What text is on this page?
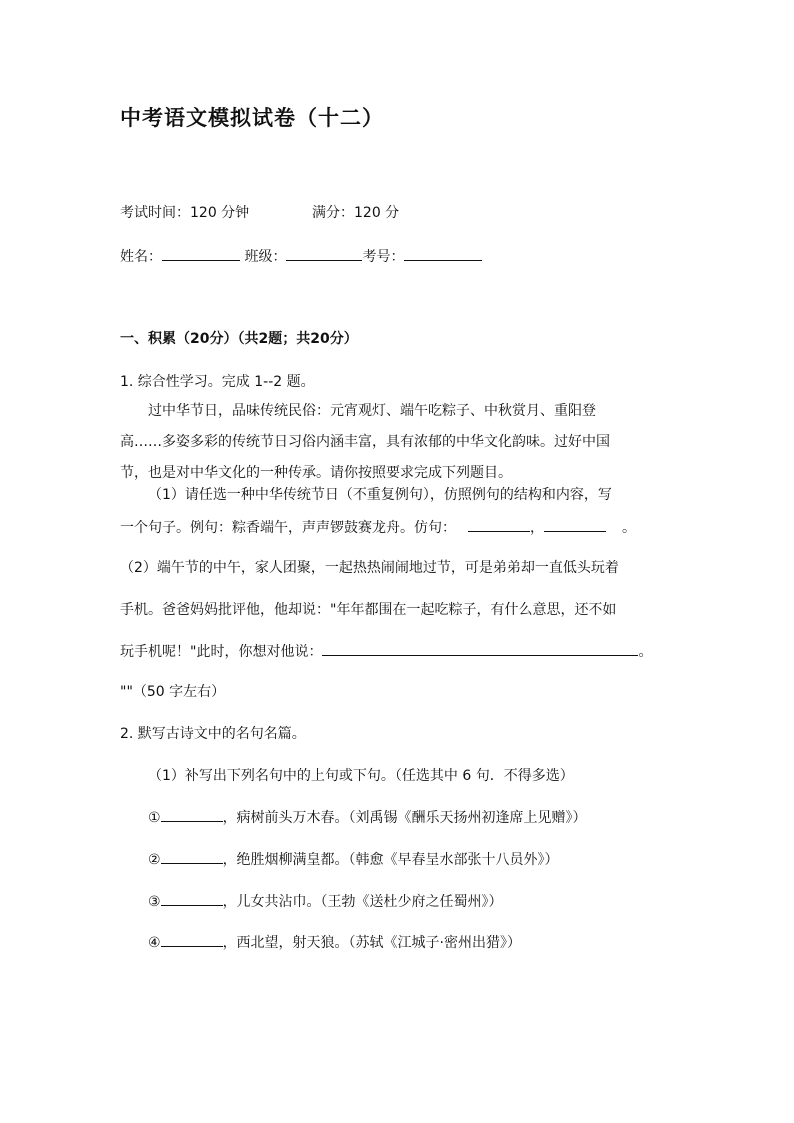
中考语文模拟试卷（十二）
考试时间：120 分钟	满分：120 分
姓名：	班级：	考号：
一、积累（20分）（共2题；共20分）
1. 综合性学习。完成 1--2 题。
过中华节日，品味传统民俗：元宵观灯、端午吃粽子、中秋赏月、重阳登
高……多姿多彩的传统节日习俗内涵丰富，具有浓郁的中华文化韵味。过好中国
节，也是对中华文化的一种传承。请你按照要求完成下列题目。
（1）请任选一种中华传统节日（不重复例句），仿照例句的结构和内容，写
一个句子。例句：粽香端午，声声锣鼓赛龙舟。仿句：	，	。
（2）端午节的中午，家人团聚，一起热热闹闹地过节，可是弟弟却一直低头玩着
手机。爸爸妈妈批评他，他却说："年年都围在一起吃粽子，有什么意思，还不如
玩手机呢！"此时，你想对他说：	。
""（50 字左右）
2. 默写古诗文中的名句名篇。
（1）补写出下列名句中的上句或下句。（任选其中 6 句．不得多选）
①	，病树前头万木春。（刘禹锡《酬乐天扬州初逢席上见赠》）
②	，绝胜烟柳满皇都。（韩愈《早春呈水部张十八员外》）
③	，儿女共沾巾。（王勃《送杜少府之任蜀州》）
④	，西北望，射天狼。（苏轼《江城子·密州出猎》）
